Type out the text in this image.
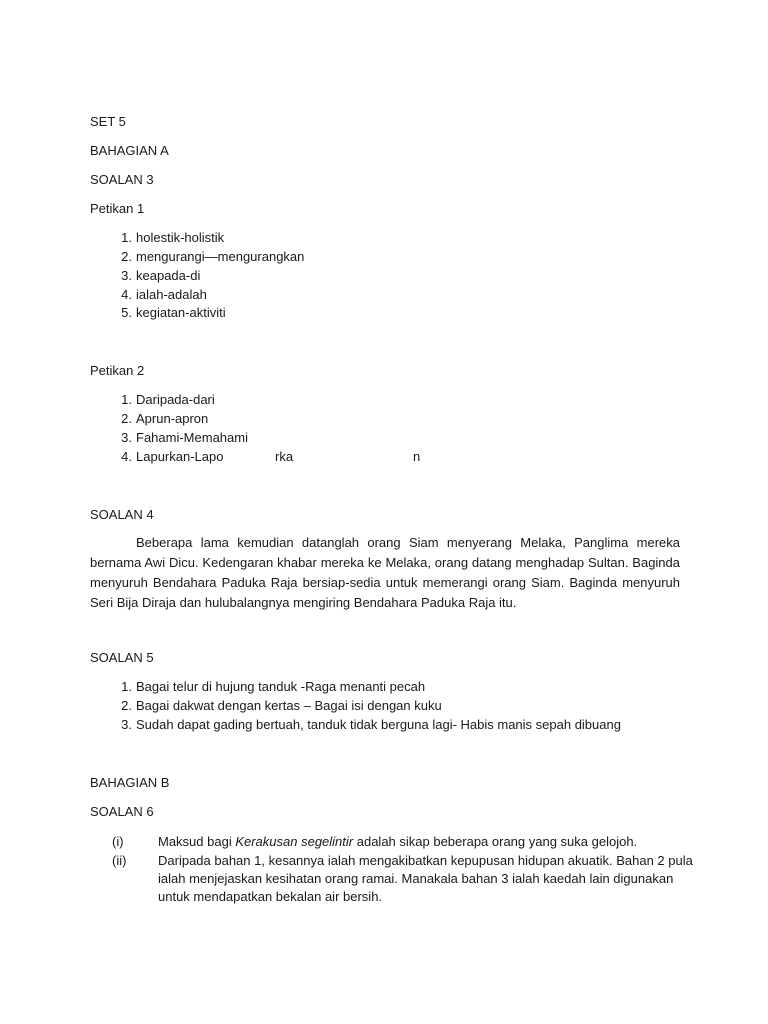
SET 5
BAHAGIAN A
SOALAN 3
Petikan 1
1. holestik-holistik
2. mengurangi—mengurangkan
3. keapada-di
4. ialah-adalah
5. kegiatan-aktiviti
Petikan 2
1. Daripada-dari
2. Aprun-apron
3. Fahami-Memahami
4. Lapurkan-Lapo	rka	n
SOALAN 4
Beberapa lama kemudian datanglah orang Siam menyerang Melaka, Panglima mereka bernama Awi Dicu. Kedengaran khabar mereka ke Melaka, orang datang menghadap Sultan. Baginda menyuruh Bendahara Paduka Raja bersiap-sedia untuk memerangi orang Siam. Baginda menyuruh Seri Bija Diraja dan hulubalangnya mengiring Bendahara Paduka Raja itu.
SOALAN 5
1. Bagai telur di hujung tanduk -Raga menanti pecah
2. Bagai dakwat dengan kertas – Bagai isi dengan kuku
3. Sudah dapat gading bertuah, tanduk tidak berguna lagi- Habis manis sepah dibuang
BAHAGIAN B
SOALAN 6
(i)	Maksud bagi Kerakusan segelintir adalah sikap beberapa orang yang suka gelojoh.
(ii) Daripada bahan 1, kesannya ialah mengakibatkan kepupusan hidupan akuatik. Bahan 2 pula ialah menjejaskan kesihatan orang ramai. Manakala bahan 3 ialah kaedah lain digunakan untuk mendapatkan bekalan air bersih.
